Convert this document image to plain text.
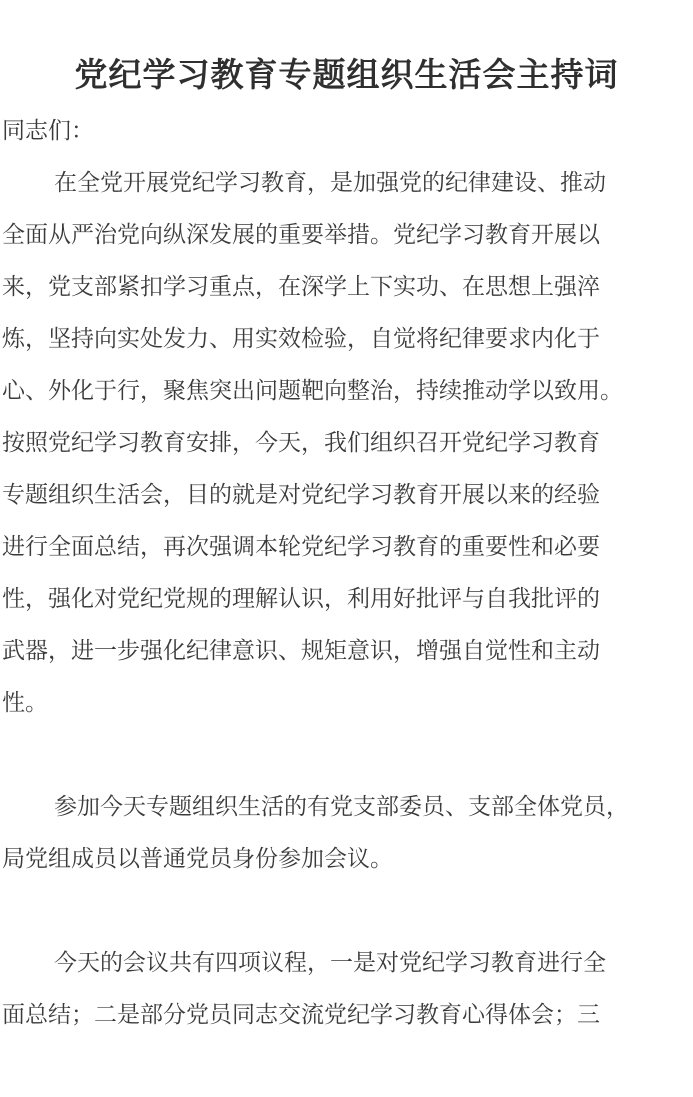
党纪学习教育专题组织生活会主持词
同志们：
在全党开展党纪学习教育，是加强党的纪律建设、推动
全面从严治党向纵深发展的重要举措。党纪学习教育开展以
来，党支部紧扣学习重点，在深学上下实功、在思想上强淬
炼，坚持向实处发力、用实效检验，自觉将纪律要求内化于
心、外化于行，聚焦突出问题靶向整治，持续推动学以致用。
按照党纪学习教育安排，今天，我们组织召开党纪学习教育
专题组织生活会，目的就是对党纪学习教育开展以来的经验
进行全面总结，再次强调本轮党纪学习教育的重要性和必要
性，强化对党纪党规的理解认识，利用好批评与自我批评的
武器，进一步强化纪律意识、规矩意识，增强自觉性和主动
性。
参加今天专题组织生活的有党支部委员、支部全体党员，
局党组成员以普通党员身份参加会议。
今天的会议共有四项议程，一是对党纪学习教育进行全
面总结；二是部分党员同志交流党纪学习教育心得体会；三
